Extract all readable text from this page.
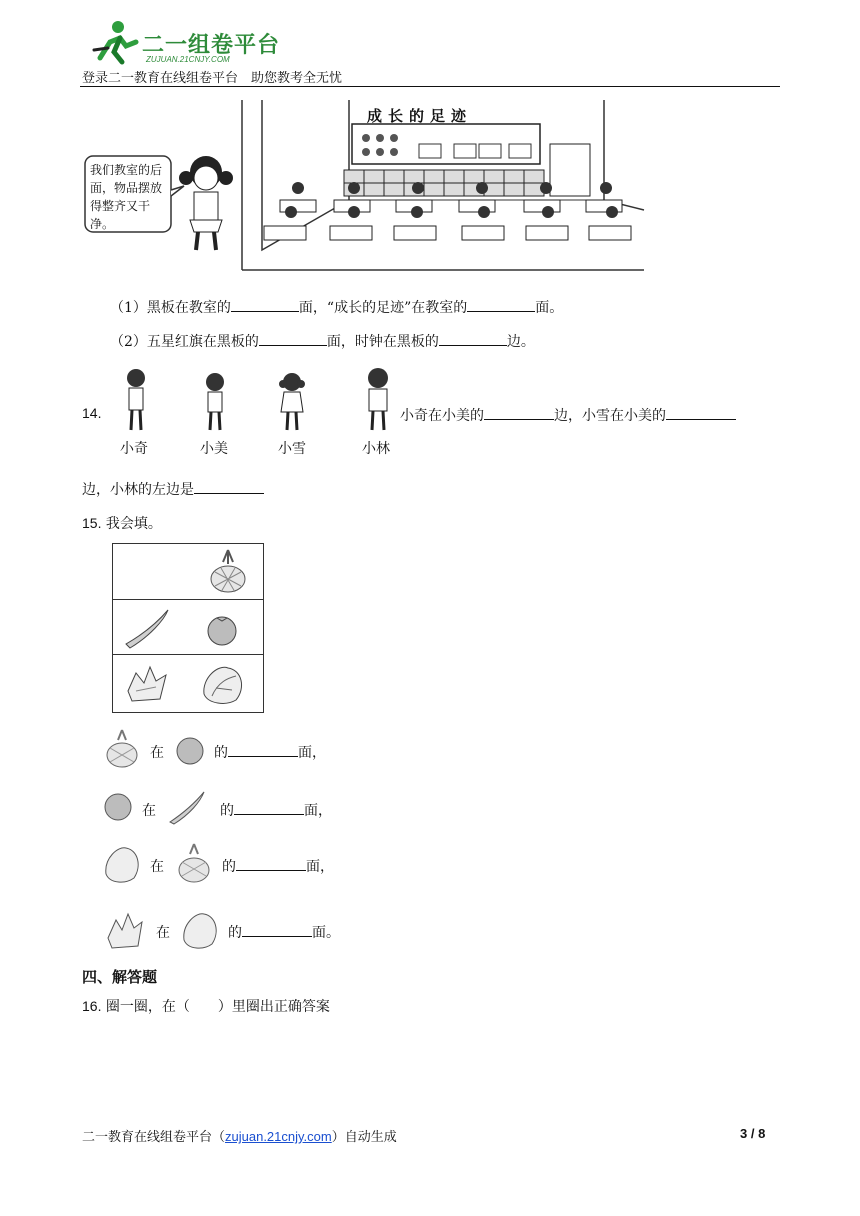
二一组卷平台
ZUJUAN.21CNJY.COM
登录二一教育在线组卷平台　助您教考全无忧
成长的足迹
我们教室的后面，物品摆放得整齐又干净。
（1）黑板在教室的	面，“成长的足迹”在教室的	面。
（2）五星红旗在黑板的	面，时钟在黑板的	边。
14.
小奇	小美	小雪	小林
小奇在小美的	边，小雪在小美的
边，小林的左边是
15. 我会填。
在	的	面，
在	的	面，
在	的	面，
在	的	面。
四、解答题
16. 圈一圈，在（　　）里圈出正确答案
二一教育在线组卷平台（zujuan.21cnjy.com）自动生成	3 / 8
